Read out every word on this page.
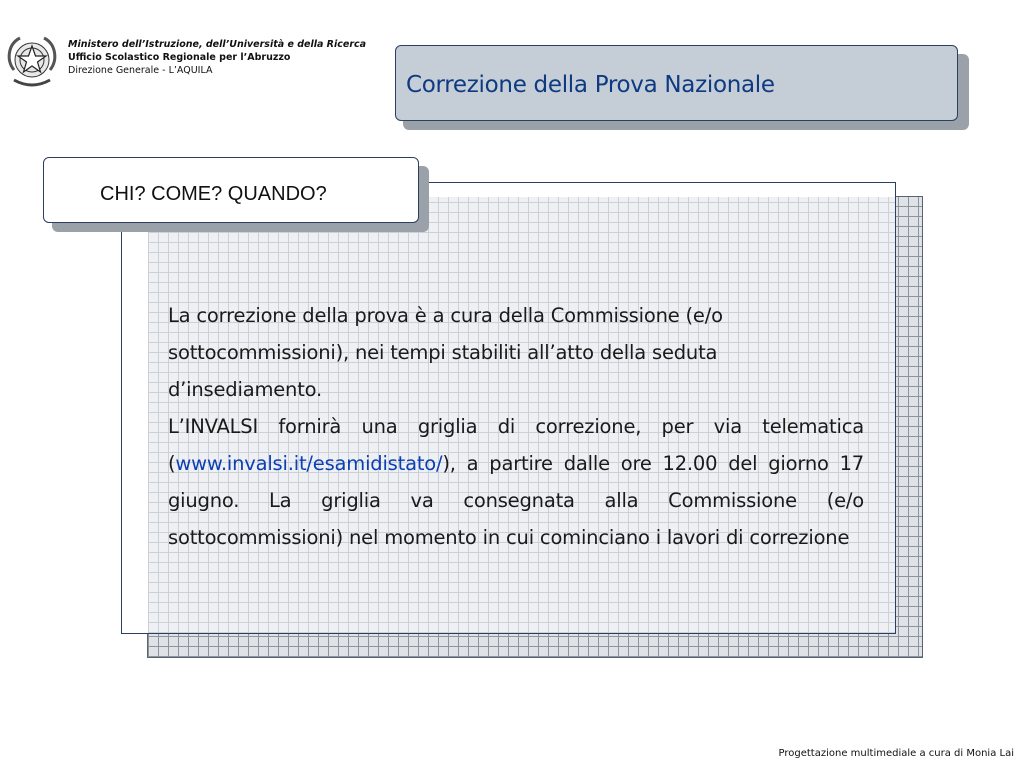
Ministero dell’Istruzione, dell’Università e della Ricerca
Ufficio Scolastico Regionale per l’Abruzzo
Direzione Generale - L’AQUILA
Correzione della Prova Nazionale
CHI? COME? QUANDO?

La correzione della prova è a cura della Commissione (e/o sottocommissioni), nei tempi stabiliti all’atto della seduta d’insediamento.

L’INVALSI fornirà una griglia di correzione, per via telematica (www.invalsi.it/esamidistato/), a partire dalle ore 12.00 del giorno 17 giugno. La griglia va consegnata alla Commissione (e/o sottocommissioni) nel momento in cui cominciano i lavori di correzione

Progettazione multimediale a cura di Monia Lai
